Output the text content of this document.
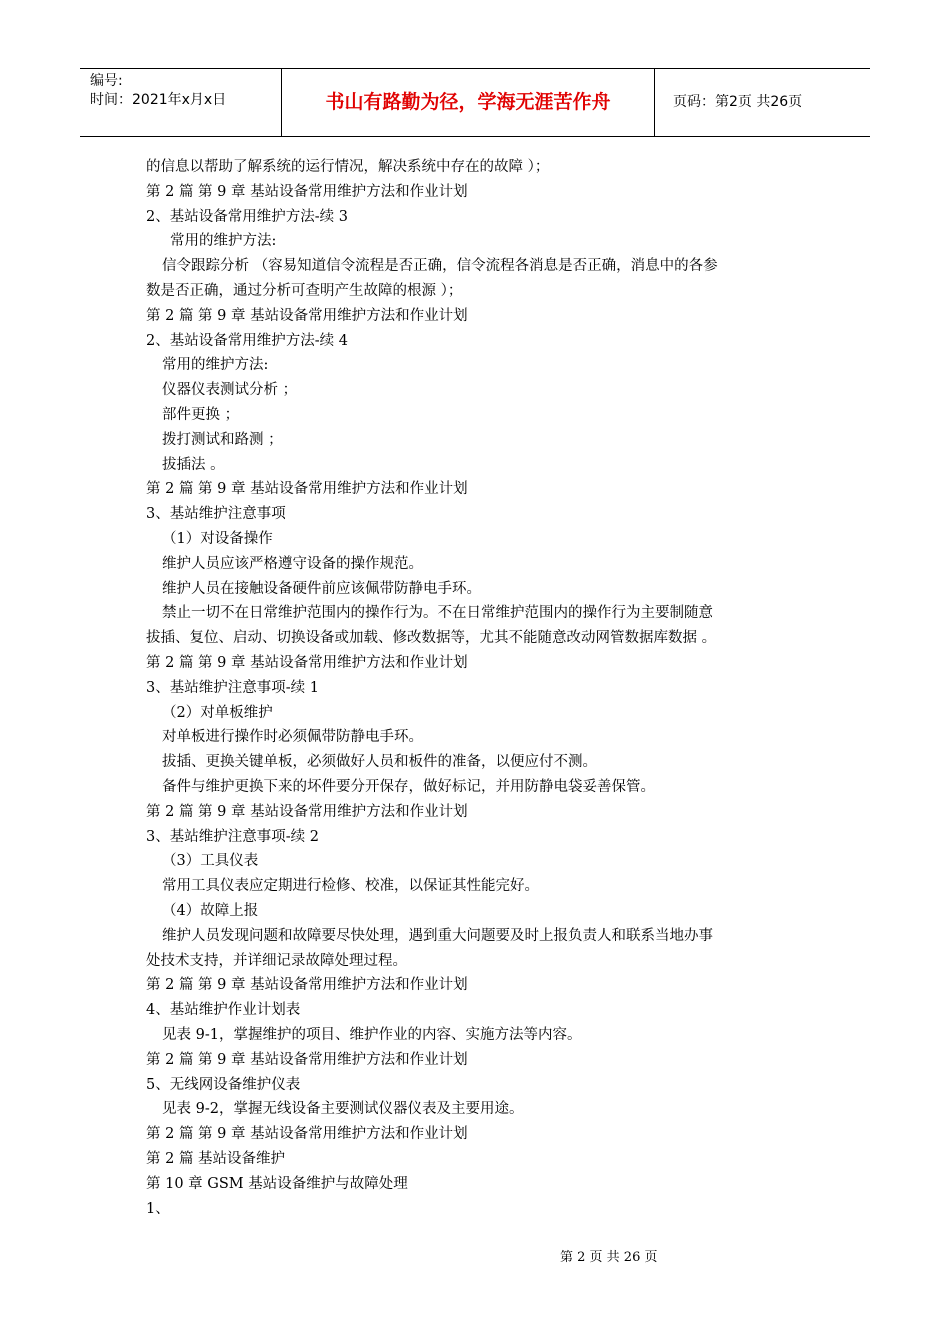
编号:
时间：2021年x月x日	书山有路勤为径，学海无涯苦作舟	页码：第2页 共26页
的信息以帮助了解系统的运行情况，解决系统中存在的故障 ）；
第 2 篇 第 9 章 基站设备常用维护方法和作业计划
2、基站设备常用维护方法-续 3
常用的维护方法:
信令跟踪分析 （容易知道信令流程是否正确，信令流程各消息是否正确，消息中的各参
数是否正确，通过分析可查明产生故障的根源 ）；
第 2 篇 第 9 章 基站设备常用维护方法和作业计划
2、基站设备常用维护方法-续 4
常用的维护方法:
仪器仪表测试分析 ；
部件更换 ；
拨打测试和路测 ；
拔插法 。
第 2 篇 第 9 章 基站设备常用维护方法和作业计划
3、基站维护注意事项
（1）对设备操作
维护人员应该严格遵守设备的操作规范。
维护人员在接触设备硬件前应该佩带防静电手环。
禁止一切不在日常维护范围内的操作行为。不在日常维护范围内的操作行为主要制随意
拔插、复位、启动、切换设备或加载、修改数据等，尤其不能随意改动网管数据库数据 。
第 2 篇 第 9 章 基站设备常用维护方法和作业计划
3、基站维护注意事项-续 1
（2）对单板维护
对单板进行操作时必须佩带防静电手环。
拔插、更换关键单板，必须做好人员和板件的准备，以便应付不测。
备件与维护更换下来的坏件要分开保存，做好标记，并用防静电袋妥善保管。
第 2 篇 第 9 章 基站设备常用维护方法和作业计划
3、基站维护注意事项-续 2
（3）工具仪表
常用工具仪表应定期进行检修、校准，以保证其性能完好。
（4）故障上报
维护人员发现问题和故障要尽快处理，遇到重大问题要及时上报负责人和联系当地办事
处技术支持，并详细记录故障处理过程。
第 2 篇 第 9 章 基站设备常用维护方法和作业计划
4、基站维护作业计划表
见表 9-1，掌握维护的项目、维护作业的内容、实施方法等内容。
第 2 篇 第 9 章 基站设备常用维护方法和作业计划
5、无线网设备维护仪表
见表 9-2，掌握无线设备主要测试仪器仪表及主要用途。
第 2 篇 第 9 章 基站设备常用维护方法和作业计划
第 2 篇 基站设备维护
第 10 章 GSM 基站设备维护与故障处理
1、
第 2 页 共 26 页
